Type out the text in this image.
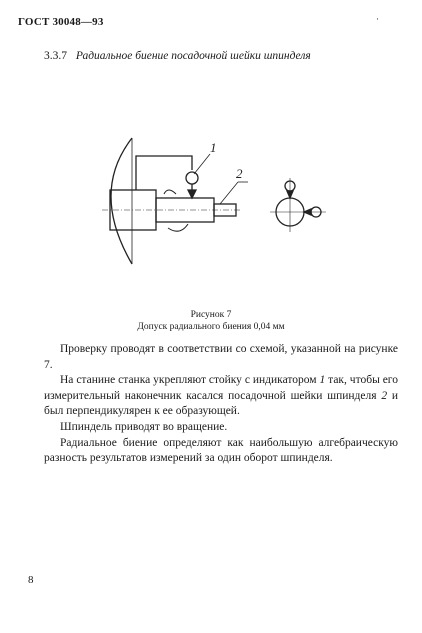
ГОСТ 30048—93	·
3.3.7 Радиальное биение посадочной шейки шпинделя
1
2
Рисунок 7
Допуск радиального биения 0,04 мм

Проверку проводят в соответствии со схемой, указанной на рисунке 7.

На станине станка укрепляют стойку с индикатором 1 так, чтобы его измерительный наконечник касался посадочной шейки шпинделя 2 и был перпендикулярен к ее образующей.

Шпиндель приводят во вращение.

Радиальное биение определяют как наибольшую алгебраическую разность результатов измерений за один оборот шпинделя.

8
